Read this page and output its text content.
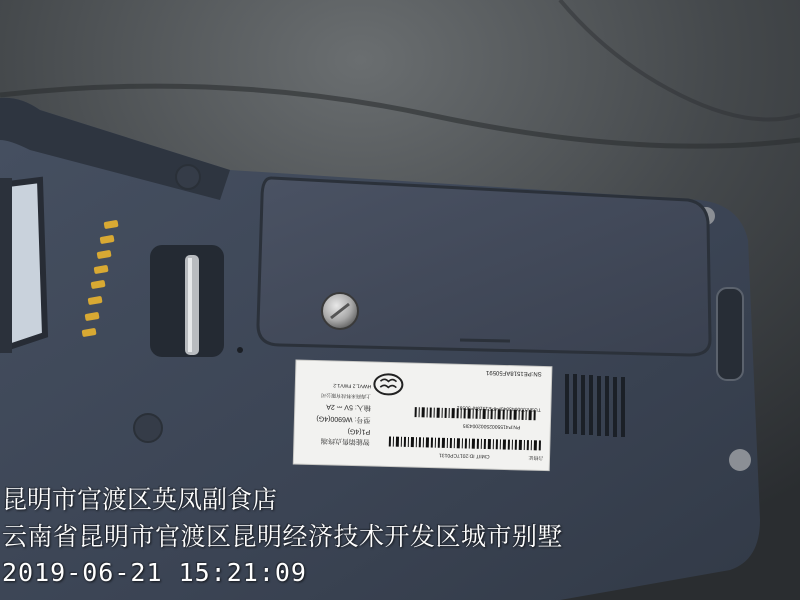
智能销售点终端
P1(4G)
型号: W6900(4G)
输入: 5V ⎓ 2A
上海商米科技有限公司
HWV1.2 FWV1.2
合格证
CMIIT ID:2017CP0131
PN:P415500250020043I5
TUSN:000043043F4PE1518AF50591
SN:PE1518AF50591
昆明市官渡区英凤副食店
云南省昆明市官渡区昆明经济技术开发区城市别墅
2019-06-21 15:21:09
